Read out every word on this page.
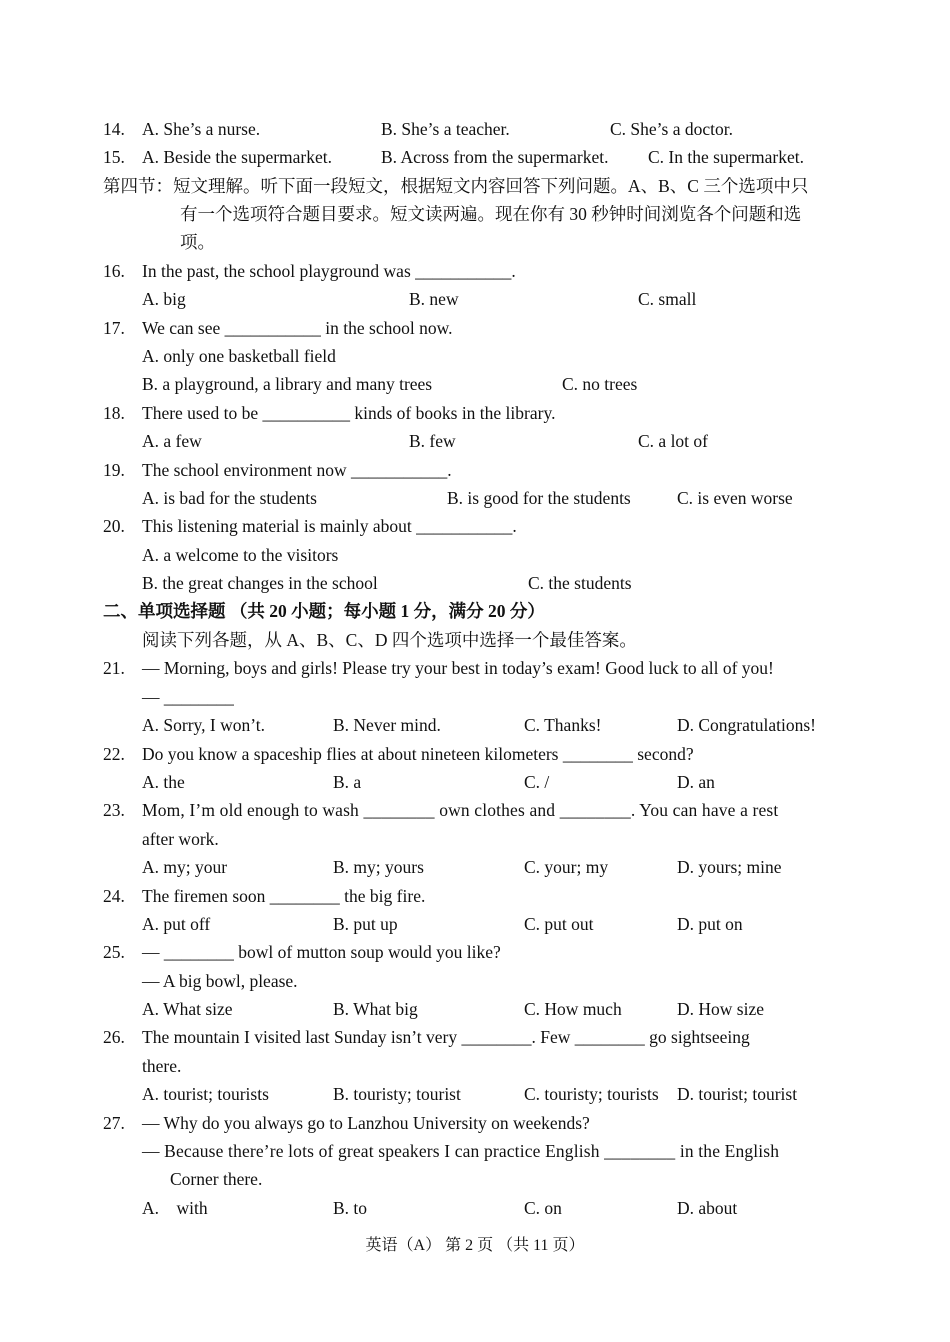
14. A. She’s a nurse.	B. She’s a teacher.	C. She’s a doctor.
15. A. Beside the supermarket.	B. Across from the supermarket. C. In the supermarket.
第四节：短文理解。听下面一段短文，根据短文内容回答下列问题。A、B、C 三个选项中只
有一个选项符合题目要求。短文读两遍。现在你有 30 秒钟时间浏览各个问题和选
项。
16. In the past, the school playground was ___________.
A. big	B. new	C. small
17. We can see ___________ in the school now.
A. only one basketball field
B. a playground, a library and many trees	C. no trees
18. There used to be __________ kinds of books in the library.
A. a few	B. few	C. a lot of
19. The school environment now ___________.
A. is bad for the students	B. is good for the students	C. is even worse
20. This listening material is mainly about ___________.
A. a welcome to the visitors
B. the great changes in the school	C. the students
二、单项选择题 （共 20 小题；每小题 1 分，满分 20 分）
阅读下列各题，从 A、B、C、D 四个选项中选择一个最佳答案。
21. — Morning, boys and girls! Please try your best in today’s exam! Good luck to all of you!
— ________
A. Sorry, I won’t.	B. Never mind.	C. Thanks!	D. Congratulations!
22. Do you know a spaceship flies at about nineteen kilometers ________ second?
A. the	B. a	C. /	D. an
23. Mom, I’m old enough to wash ________ own clothes and ________. You can have a rest
after work.
A. my; your	B. my; yours	C. your; my	D. yours; mine
24. The firemen soon ________ the big fire.
A. put off	B. put up	C. put out	D. put on
25. — ________ bowl of mutton soup would you like?
— A big bowl, please.
A. What size	B. What big	C. How much	D. How size
26. The mountain I visited last Sunday isn’t very ________. Few ________ go sightseeing
there.
A. tourist; tourists	B. touristy; tourist	C. touristy; tourists D. tourist; tourist
27. — Why do you always go to Lanzhou University on weekends?
— Because there’re lots of great speakers I can practice English ________ in the English
Corner there.
A.    with	B. to	C. on	D. about
英语（A） 第 2 页 （共 11 页）
